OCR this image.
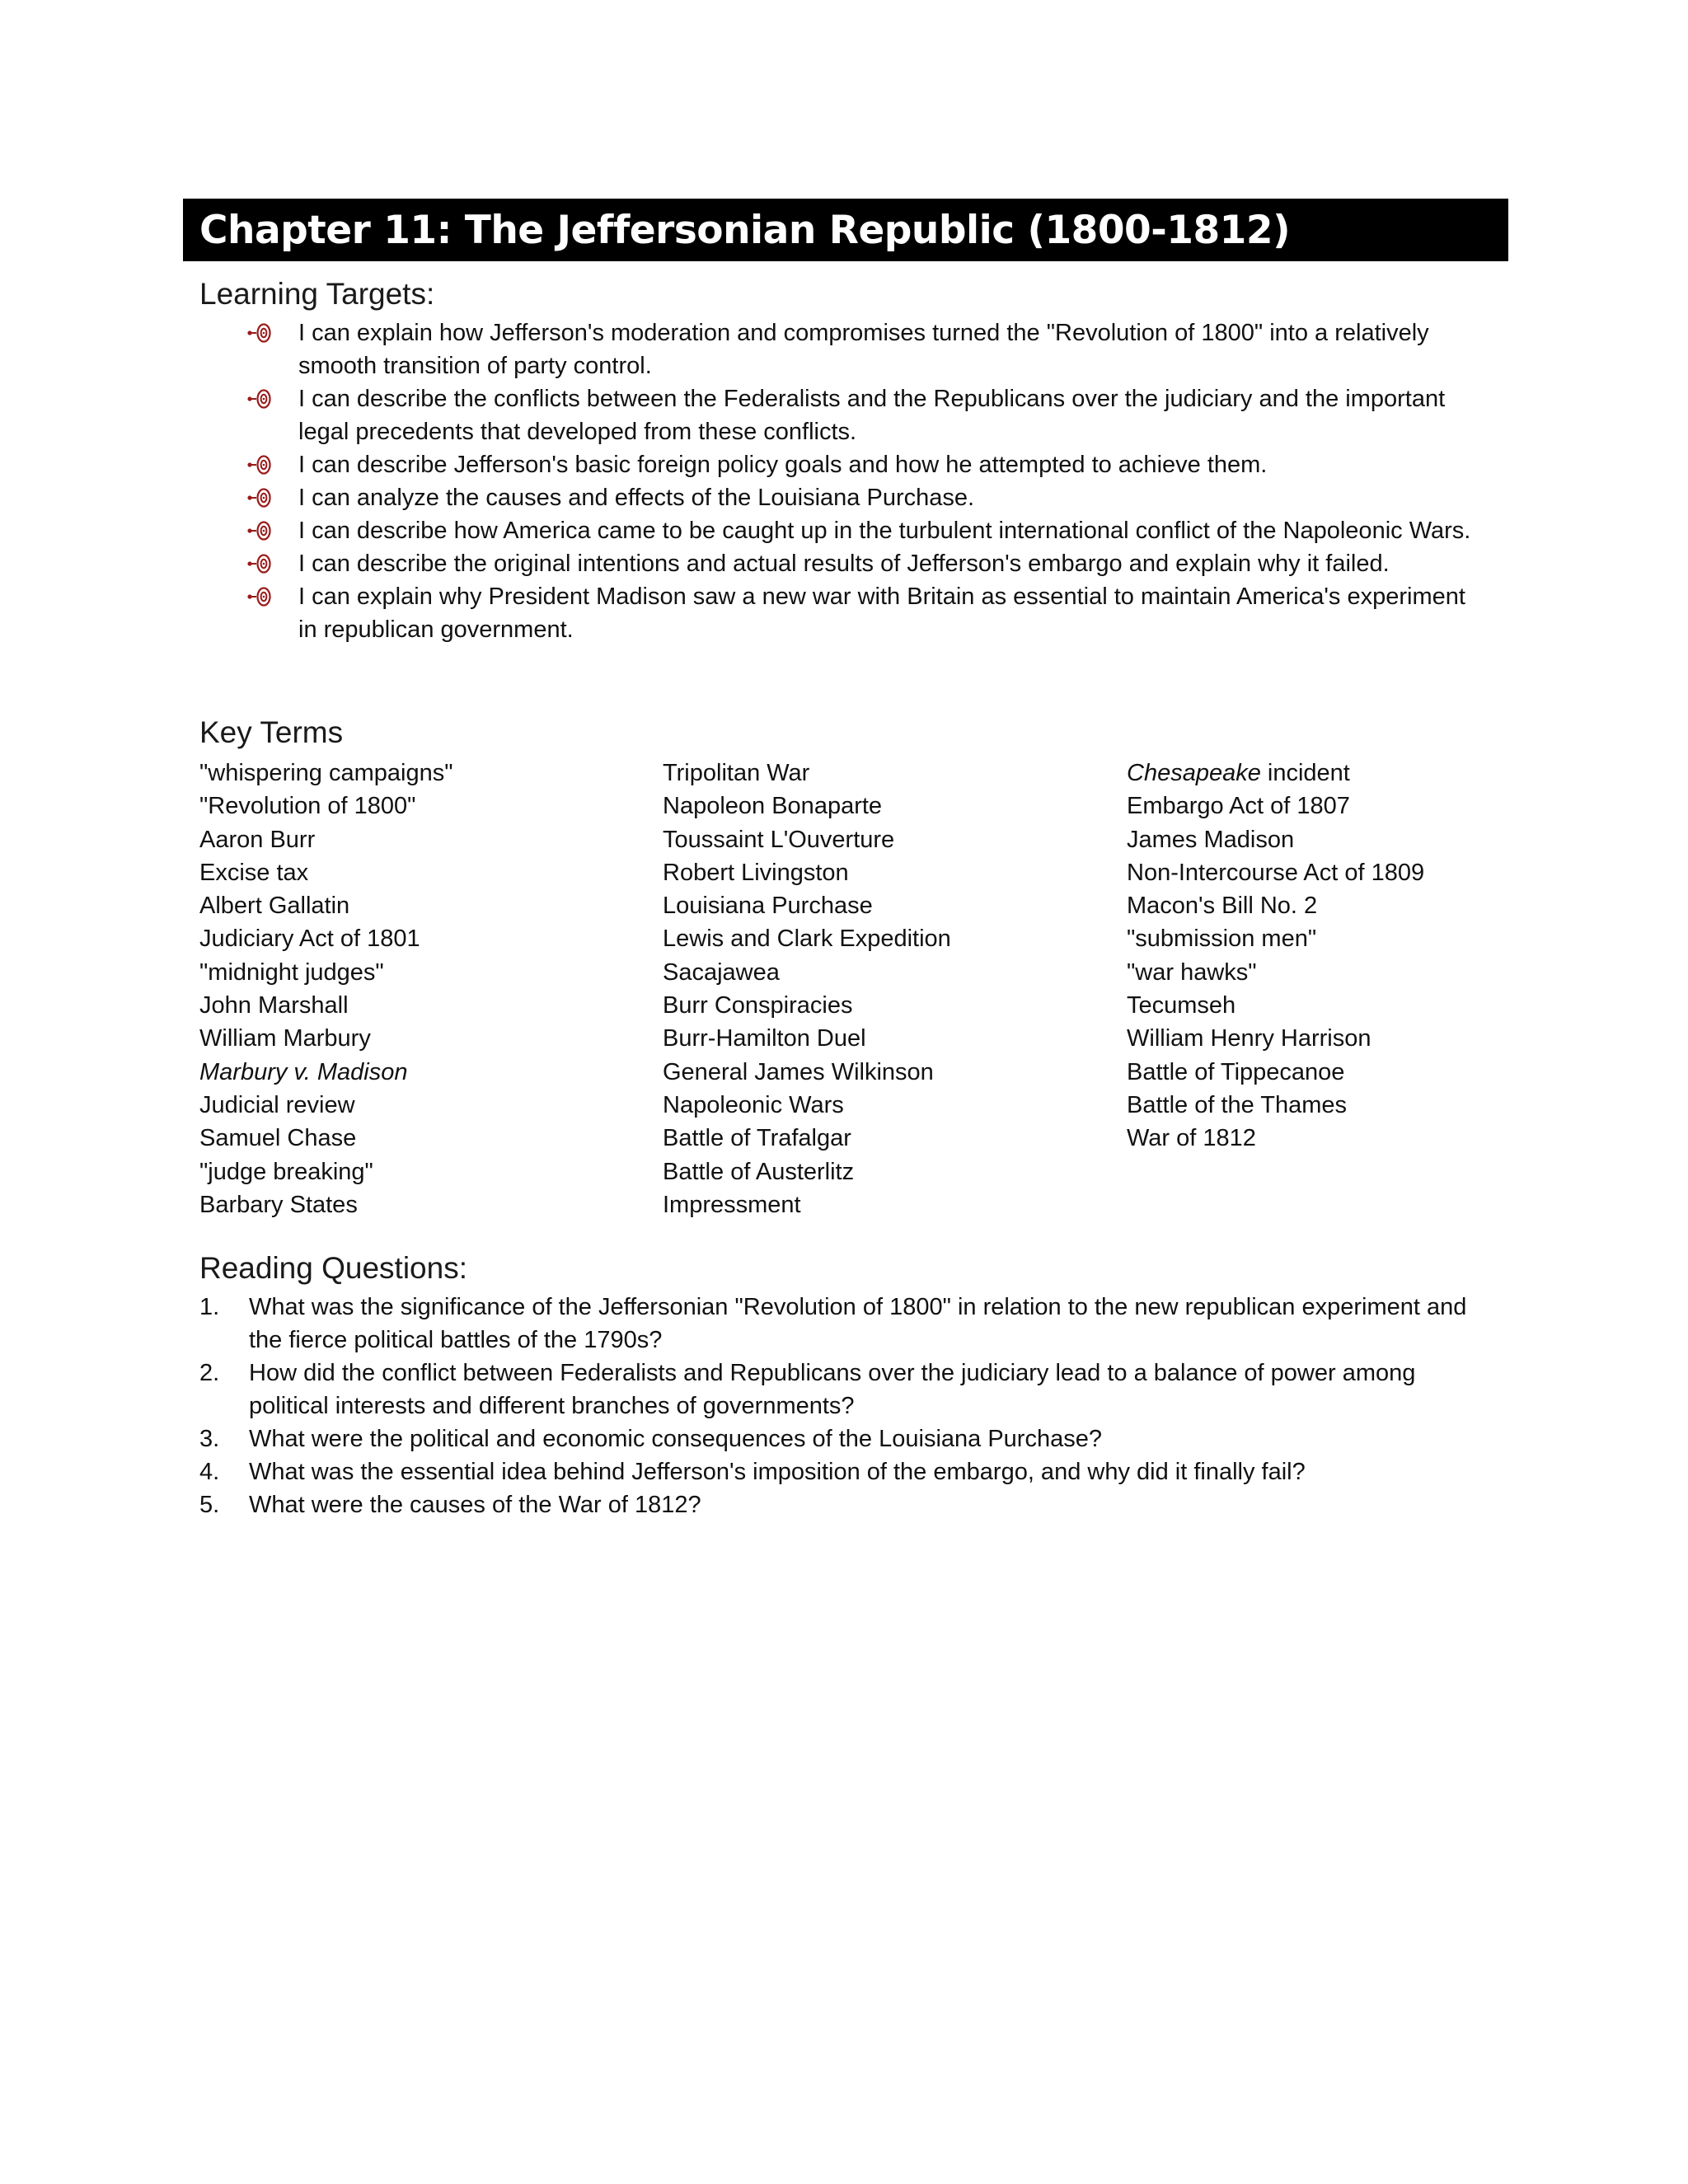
Chapter 11: The Jeffersonian Republic (1800-1812)
Learning Targets:
I can explain how Jefferson's moderation and compromises turned the "Revolution of 1800" into a relatively smooth transition of party control.
I can describe the conflicts between the Federalists and the Republicans over the judiciary and the important legal precedents that developed from these conflicts.
I can describe Jefferson's basic foreign policy goals and how he attempted to achieve them.
I can analyze the causes and effects of the Louisiana Purchase.
I can describe how America came to be caught up in the turbulent international conflict of the Napoleonic Wars.
I can describe the original intentions and actual results of Jefferson's embargo and explain why it failed.
I can explain why President Madison saw a new war with Britain as essential to maintain America's experiment in republican government.
Key Terms
"whispering campaigns"
"Revolution of 1800"
Aaron Burr
Excise tax
Albert Gallatin
Judiciary Act of 1801
"midnight judges"
John Marshall
William Marbury
Marbury v. Madison
Judicial review
Samuel Chase
"judge breaking"
Barbary States
Tripolitan War
Napoleon Bonaparte
Toussaint L'Ouverture
Robert Livingston
Louisiana Purchase
Lewis and Clark Expedition
Sacajawea
Burr Conspiracies
Burr-Hamilton Duel
General James Wilkinson
Napoleonic Wars
Battle of Trafalgar
Battle of Austerlitz
Impressment
Chesapeake incident
Embargo Act of 1807
James Madison
Non-Intercourse Act of 1809
Macon's Bill No. 2
"submission men"
"war hawks"
Tecumseh
William Henry Harrison
Battle of Tippecanoe
Battle of the Thames
War of 1812
Reading Questions:
1. What was the significance of the Jeffersonian "Revolution of 1800" in relation to the new republican experiment and the fierce political battles of the 1790s?
2. How did the conflict between Federalists and Republicans over the judiciary lead to a balance of power among political interests and different branches of governments?
3. What were the political and economic consequences of the Louisiana Purchase?
4. What was the essential idea behind Jefferson's imposition of the embargo, and why did it finally fail?
5. What were the causes of the War of 1812?
